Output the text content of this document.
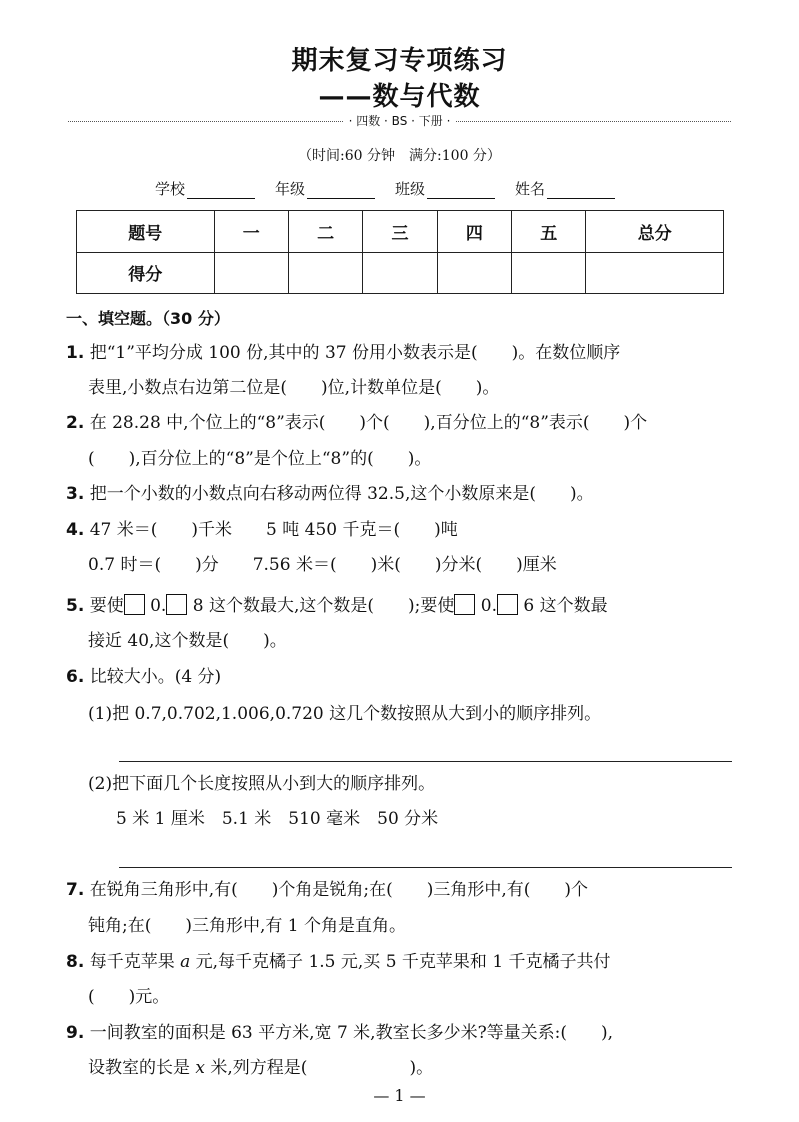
期末复习专项练习
——数与代数
· 四数 · BS · 下册 ·
（时间:60 分钟　满分:100 分）
学校	年级	班级	姓名
题号	一	二	三	四	五	总分
得分						
一、填空题。（30 分）
1. 把“1”平均分成 100 份,其中的 37 份用小数表示是(　　)。在数位顺序
表里,小数点右边第二位是(　　)位,计数单位是(　　)。
2. 在 28.28 中,个位上的“8”表示(　　)个(　　),百分位上的“8”表示(　　)个
(　　),百分位上的“8”是个位上“8”的(　　)。
3. 把一个小数的小数点向右移动两位得 32.5,这个小数原来是(　　)。
4. 47 米＝(　　)千米　　5 吨 450 千克＝(　　)吨
0.7 时＝(　　)分　　7.56 米＝(　　)米(　　)分米(　　)厘米
5. 要使 0. 8 这个数最大,这个数是(　　);要使 0. 6 这个数最
接近 40,这个数是(　　)。
6. 比较大小。(4 分)
(1)把 0.7,0.702,1.006,0.720 这几个数按照从大到小的顺序排列。
(2)把下面几个长度按照从小到大的顺序排列。
5 米 1 厘米　5.1 米　510 毫米　50 分米
7. 在锐角三角形中,有(　　)个角是锐角;在(　　)三角形中,有(　　)个
钝角;在(　　)三角形中,有 1 个角是直角。
8. 每千克苹果 a 元,每千克橘子 1.5 元,买 5 千克苹果和 1 千克橘子共付
(　　)元。
9. 一间教室的面积是 63 平方米,宽 7 米,教室长多少米?等量关系:(　　),
设教室的长是 x 米,列方程是(　　　　　　)。
— 1 —
